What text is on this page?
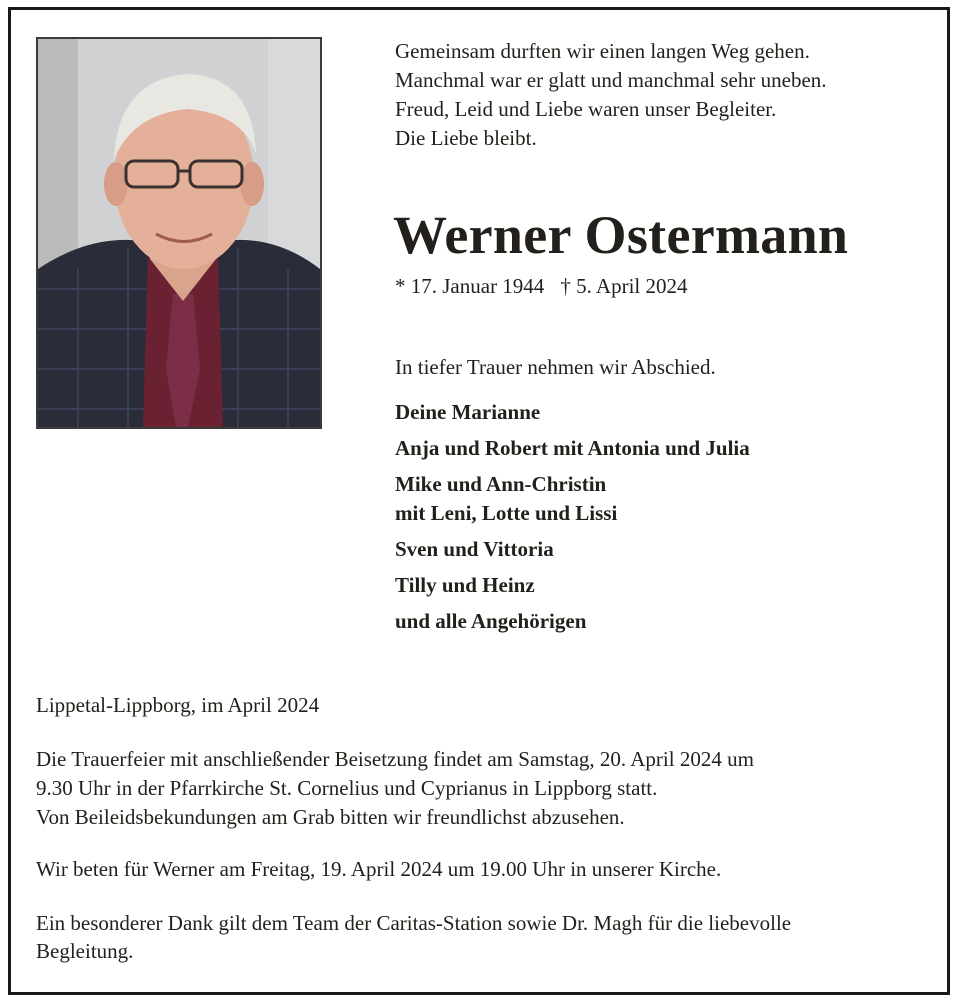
Gemeinsam durften wir einen langen Weg gehen.
Manchmal war er glatt und manchmal sehr uneben.
Freud, Leid und Liebe waren unser Begleiter.
Die Liebe bleibt.
Werner Ostermann
* 17. Januar 1944 † 5. April 2024
In tiefer Trauer nehmen wir Abschied.
Deine Marianne
Anja und Robert mit Antonia und Julia
Mike und Ann-Christin
mit Leni, Lotte und Lissi
Sven und Vittoria
Tilly und Heinz
und alle Angehörigen
Lippetal-Lippborg, im April 2024
Die Trauerfeier mit anschließender Beisetzung findet am Samstag, 20. April 2024 um
9.30 Uhr in der Pfarrkirche St. Cornelius und Cyprianus in Lippborg statt.
Von Beileidsbekundungen am Grab bitten wir freundlichst abzusehen.
Wir beten für Werner am Freitag, 19. April 2024 um 19.00 Uhr in unserer Kirche.
Ein besonderer Dank gilt dem Team der Caritas-Station sowie Dr. Magh für die liebevolle
Begleitung.
